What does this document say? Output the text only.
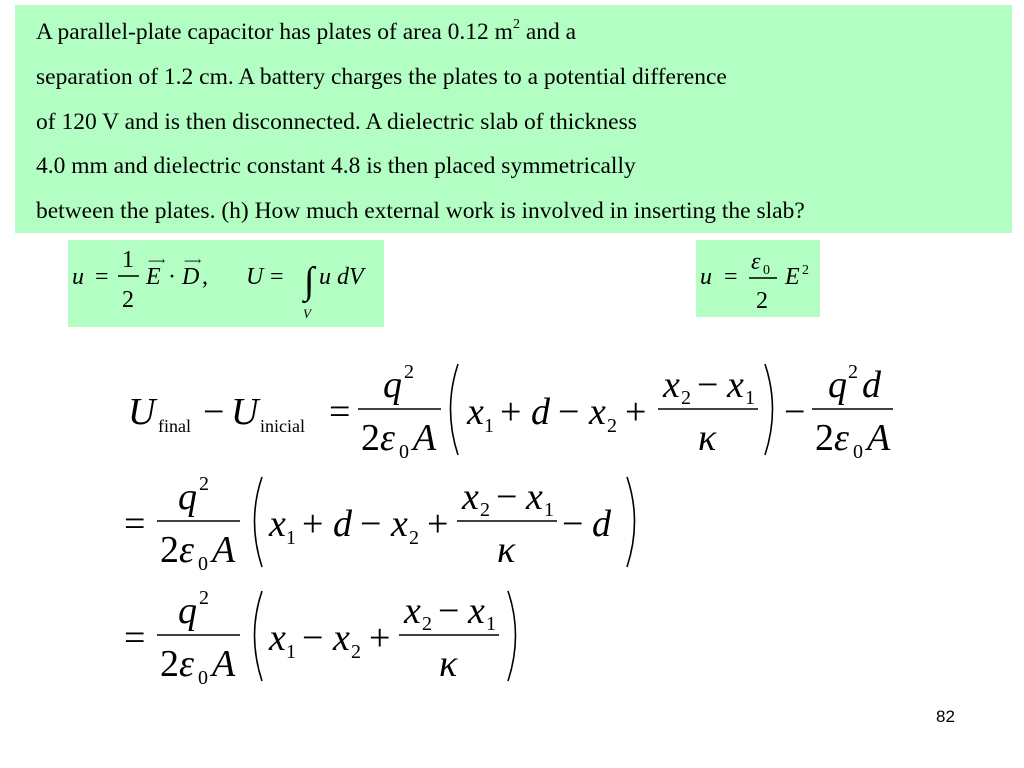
A parallel-plate capacitor has plates of area 0.12 $m^2$ and a
separation of 1.2 cm. A battery charges the plates to a potential difference
of 120 V and is then disconnected. A dielectric slab of thickness
4.0 mm and dielectric constant 4.8 is then placed symmetrically
between the plates. (h) How much external work is involved in inserting the slab?
u =
1
2
E
⟶
· D
⟶
, U = ∫
V
u dV	u =
ε 0
2
E 2
U final − U inicial =
q 2
2 ε 0 A
x 1 + d − x 2 +
x 2 − x 1
κ
−
q 2 d
2 ε 0 A
=
q 2
2 ε 0 A
x 1 + d − x 2 +
x 2 − x 1
κ
− d
=
q 2
2 ε 0 A
x 1 − x 2 +
x 2 − x 1
κ
82
